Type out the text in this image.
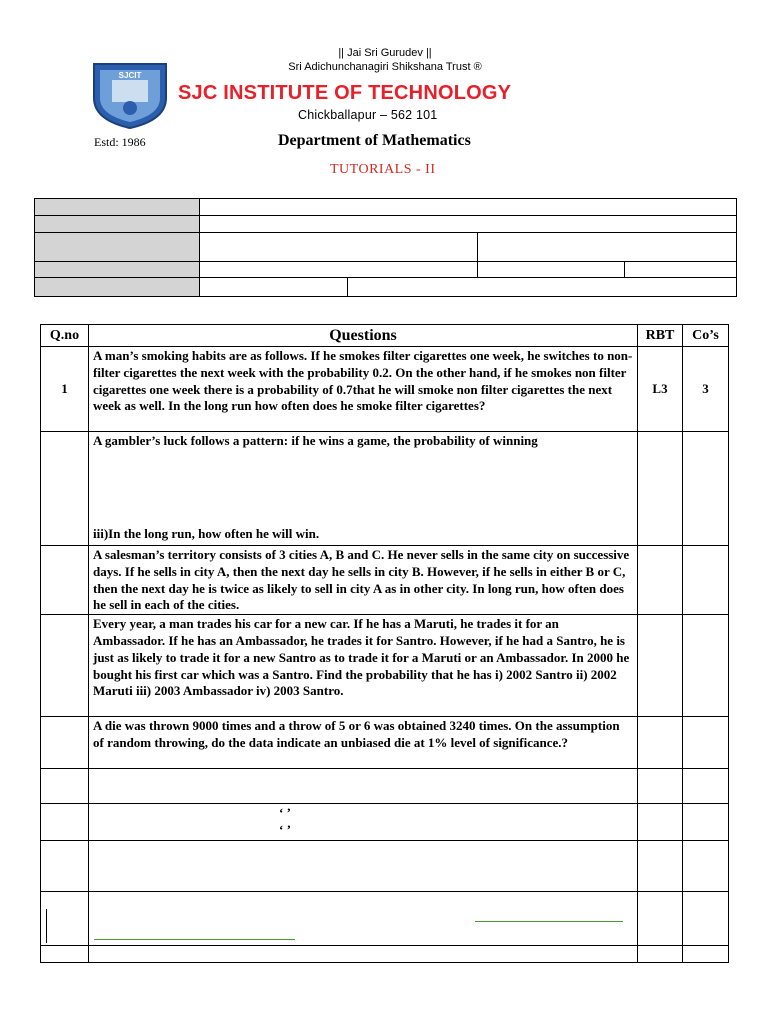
|| Jai Sri Gurudev ||
Sri Adichunchanagiri Shikshana Trust ®
SJCIT
SJC INSTITUTE OF TECHNOLOGY
Chickballapur – 562 101
Estd: 1986	Department of Mathematics
TUTORIALS - II
Q.no	Questions	RBT	Co’s
1	A man’s smoking habits are as follows. If he smokes filter cigarettes one week, he switches to non-filter cigarettes the next week with the probability 0.2. On the other hand, if he smokes non filter cigarettes one week there is a probability of 0.7that he will smoke non filter cigarettes the next week as well. In the long run how often does he smoke filter cigarettes?	L3	3

	A gambler’s luck follows a pattern: if he wins a game, the probability of winning
iii)In the long run, how often he will win.		

	A salesman’s territory consists of 3 cities A, B and C. He never sells in the same city on successive days. If he sells in city A, then the next day he sells in city B. However, if he sells in either B or C, then the next day he is twice as likely to sell in city A as in other city. In long run, how often does he sell in each of the cities.		
	Every year, a man trades his car for a new car. If he has a Maruti, he trades it for an Ambassador. If he has an Ambassador, he trades it for Santro. However, if he had a Santro, he is just as likely to trade it for a new Santro as to trade it for a Maruti or an Ambassador. In 2000 he bought his first car which was a Santro. Find the probability that he has i) 2002 Santro ii) 2002 Maruti iii) 2003 Ambassador iv) 2003 Santro.		
	A die was thrown 9000 times and a throw of 5 or 6 was obtained 3240 times. On the assumption of random throwing, do the data indicate an unbiased die at 1% level of significance.?		

	‘ ’
‘ ’		
